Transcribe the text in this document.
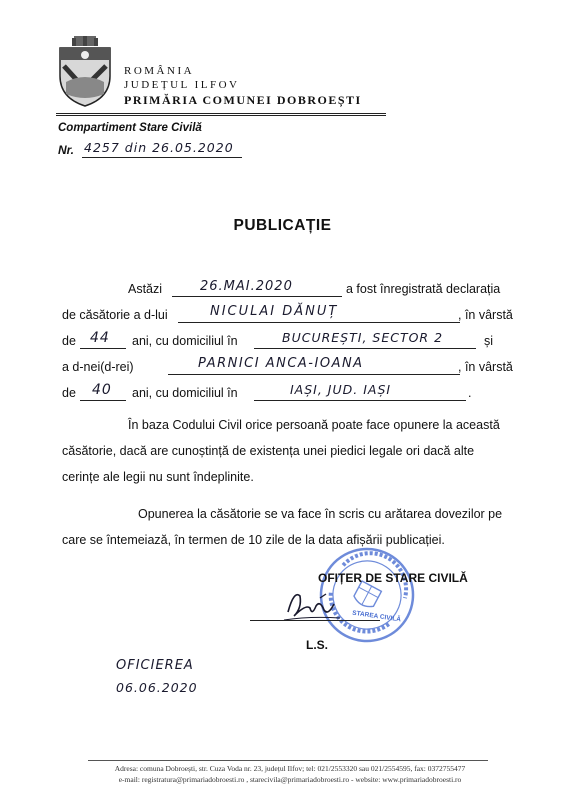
ROMÂNIA
JUDEȚUL ILFOV
PRIMĂRIA COMUNEI DOBROEȘTI
Compartiment Stare Civilă
Nr. 4257 din 26.05.2020
PUBLICAȚIE
Astăzi	26.MAI.2020	a fost înregistrată declarația
de căsătorie a d-lui	NICULAI DĂNUȚ	, în vârstă
de 44 ani, cu domiciliul în	BUCUREȘTI, SECTOR 2	și
a d-nei(d-rei)	PARNICI ANCA-IOANA	, în vârstă
de 40 ani, cu domiciliul în	IAȘI, JUD. IAȘI	.
În baza Codului Civil orice persoană poate face opunere la această
căsătorie, dacă are cunoștință de existența unei piedici legale ori dacă alte
cerințe ale legii nu sunt îndeplinite.
Opunerea la căsătorie se va face în scris cu arătarea dovezilor pe
care se întemeiază, în termen de 10 zile de la data afișării publicației.
STAREA CIVILĂ
OFIȚER DE STARE CIVILĂ
L.S.
OFICIEREA
06.06.2020
Adresa: comuna Dobroești, str. Cuza Voda nr. 23, județul Ilfov; tel: 021/2553320 sau 021/2554595, fax: 0372755477
e-mail: registratura@primariadobroesti.ro , starecivila@primariadobroesti.ro - website: www.primariadobroesti.ro
